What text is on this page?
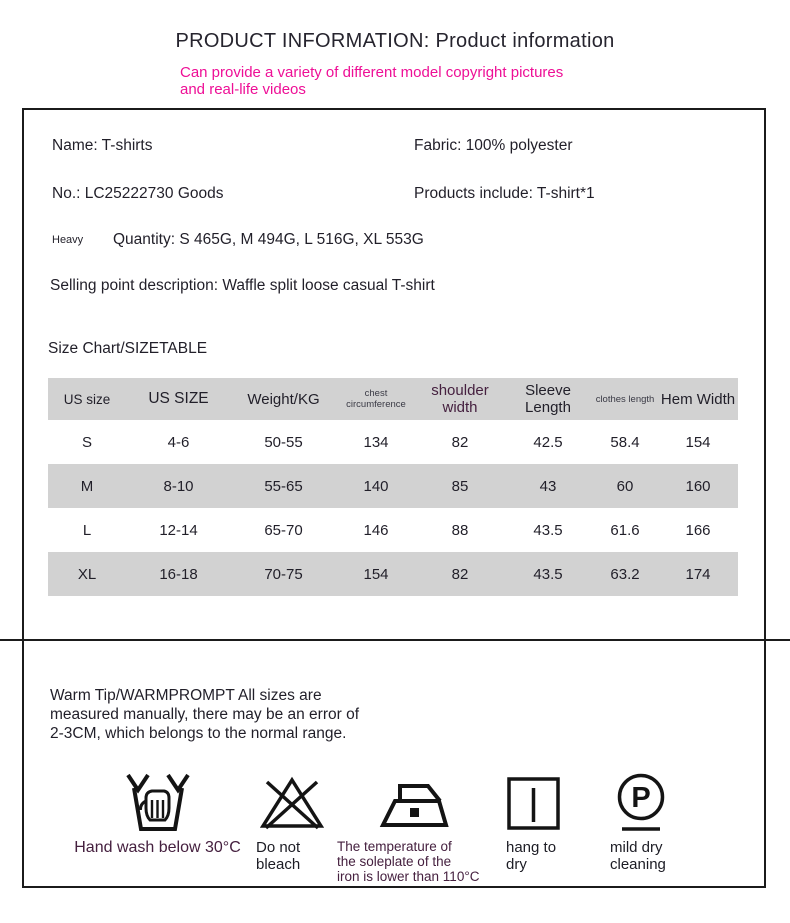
PRODUCT INFORMATION: Product information
Can provide a variety of different model copyright pictures and real-life videos
Name: T-shirts	Fabric: 100% polyester
No.: LC25222730 Goods	Products include: T-shirt*1
Heavy Quantity: S 465G, M 494G, L 516G, XL 553G
Selling point description: Waffle split loose casual T-shirt
Size Chart/SIZETABLE
US size	US SIZE	Weight/KG	chest circumference	shoulder width	Sleeve Length	clothes length	Hem Width
S	4-6	50-55	134	82	42.5	58.4	154
M	8-10	55-65	140	85	43	60	160
L	12-14	65-70	146	88	43.5	61.6	166
XL	16-18	70-75	154	82	43.5	63.2	174
Warm Tip/WARMPROMPT All sizes are
measured manually, there may be an error of
2-3CM, which belongs to the normal range.
Hand wash below 30°C	Do not
bleach
The temperature of
the soleplate of the
iron is lower than 110°C
hang to
dry
P
mild dry
cleaning
